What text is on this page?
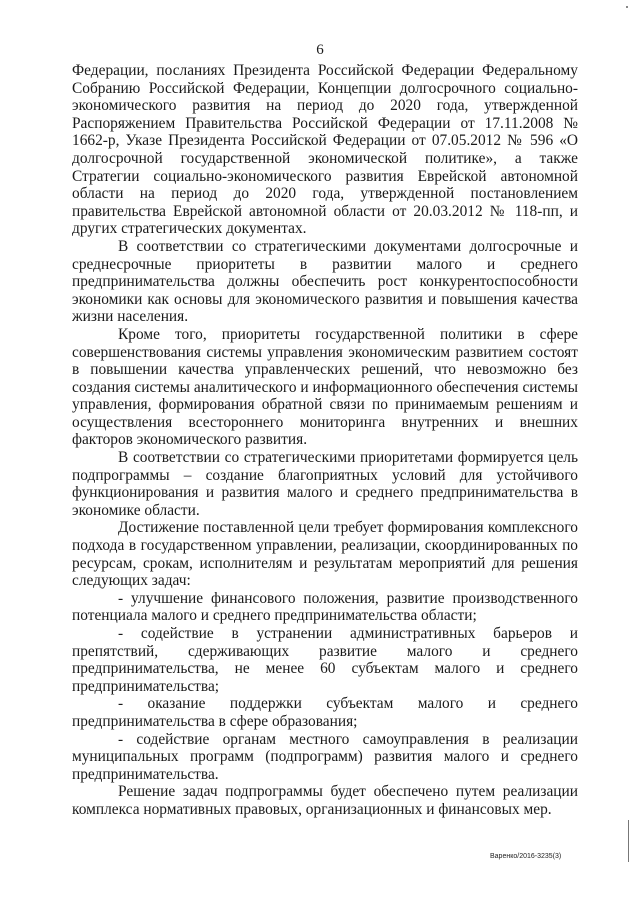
6

Федерации, посланиях Президента Российской Федерации Федеральному Собранию Российской Федерации, Концепции долгосрочного социально-экономического развития на период до 2020 года, утвержденной Распоряжением Правительства Российской Федерации от 17.11.2008 № 1662-р, Указе Президента Российской Федерации от 07.05.2012 № 596 «О долгосрочной государственной экономической политике», а также Стратегии социально-экономического развития Еврейской автономной области на период до 2020 года, утвержденной постановлением правительства Еврейской автономной области от 20.03.2012 № 118-пп, и других стратегических документах.

В соответствии со стратегическими документами долгосрочные и среднесрочные приоритеты в развитии малого и среднего предпринимательства должны обеспечить рост конкурентоспособности экономики как основы для экономического развития и повышения качества жизни населения.

Кроме того, приоритеты государственной политики в сфере совершенствования системы управления экономическим развитием состоят в повышении качества управленческих решений, что невозможно без создания системы аналитического и информационного обеспечения системы управления, формирования обратной связи по принимаемым решениям и осуществления всестороннего мониторинга внутренних и внешних факторов экономического развития.

В соответствии со стратегическими приоритетами формируется цель подпрограммы – создание благоприятных условий для устойчивого функционирования и развития малого и среднего предпринимательства в экономике области.

Достижение поставленной цели требует формирования комплексного подхода в государственном управлении, реализации, скоординированных по ресурсам, срокам, исполнителям и результатам мероприятий для решения следующих задач:

- улучшение финансового положения, развитие производственного потенциала малого и среднего предпринимательства области;

- содействие в устранении административных барьеров и препятствий, сдерживающих развитие малого и среднего предпринимательства, не менее 60 субъектам малого и среднего предпринимательства;

- оказание поддержки субъектам малого и среднего предпринимательства в сфере образования;

- содействие органам местного самоуправления в реализации муниципальных программ (подпрограмм) развития малого и среднего предпринимательства.

Решение задач подпрограммы будет обеспечено путем реализации комплекса нормативных правовых, организационных и финансовых мер.

Варенко/2016-3235(3)
